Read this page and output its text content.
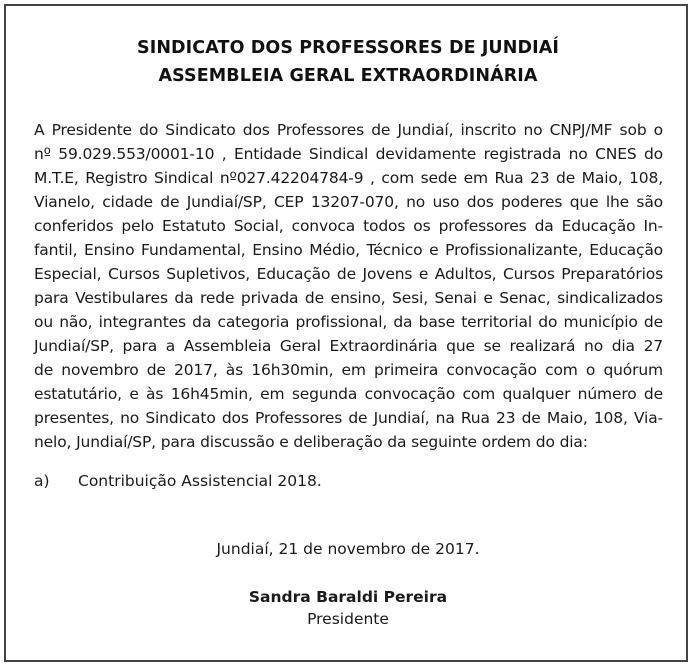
SINDICATO DOS PROFESSORES DE JUNDIAÍ
ASSEMBLEIA GERAL EXTRAORDINÁRIA
A Presidente do Sindicato dos Professores de Jundiaí, inscrito no CNPJ/MF sob o
nº 59.029.553/0001-10 , Entidade Sindical devidamente registrada no CNES do
M.T.E, Registro Sindical nº027.42204784-9 , com sede em Rua 23 de Maio, 108,
Vianelo, cidade de Jundiaí/SP, CEP 13207-070, no uso dos poderes que lhe são
conferidos pelo Estatuto Social, convoca todos os professores da Educação In-
fantil, Ensino Fundamental, Ensino Médio, Técnico e Profissionalizante, Educação
Especial, Cursos Supletivos, Educação de Jovens e Adultos, Cursos Preparatórios
para Vestibulares da rede privada de ensino, Sesi, Senai e Senac, sindicalizados
ou não, integrantes da categoria profissional, da base territorial do município de
Jundiaí/SP, para a Assembleia Geral Extraordinária que se realizará no dia 27
de novembro de 2017, às 16h30min, em primeira convocação com o quórum
estatutário, e às 16h45min, em segunda convocação com qualquer número de
presentes, no Sindicato dos Professores de Jundiaí, na Rua 23 de Maio, 108, Via-
nelo, Jundiaí/SP, para discussão e deliberação da seguinte ordem do dia:
a) Contribuição Assistencial 2018.
Jundiaí, 21 de novembro de 2017.
Sandra Baraldi Pereira
Presidente
